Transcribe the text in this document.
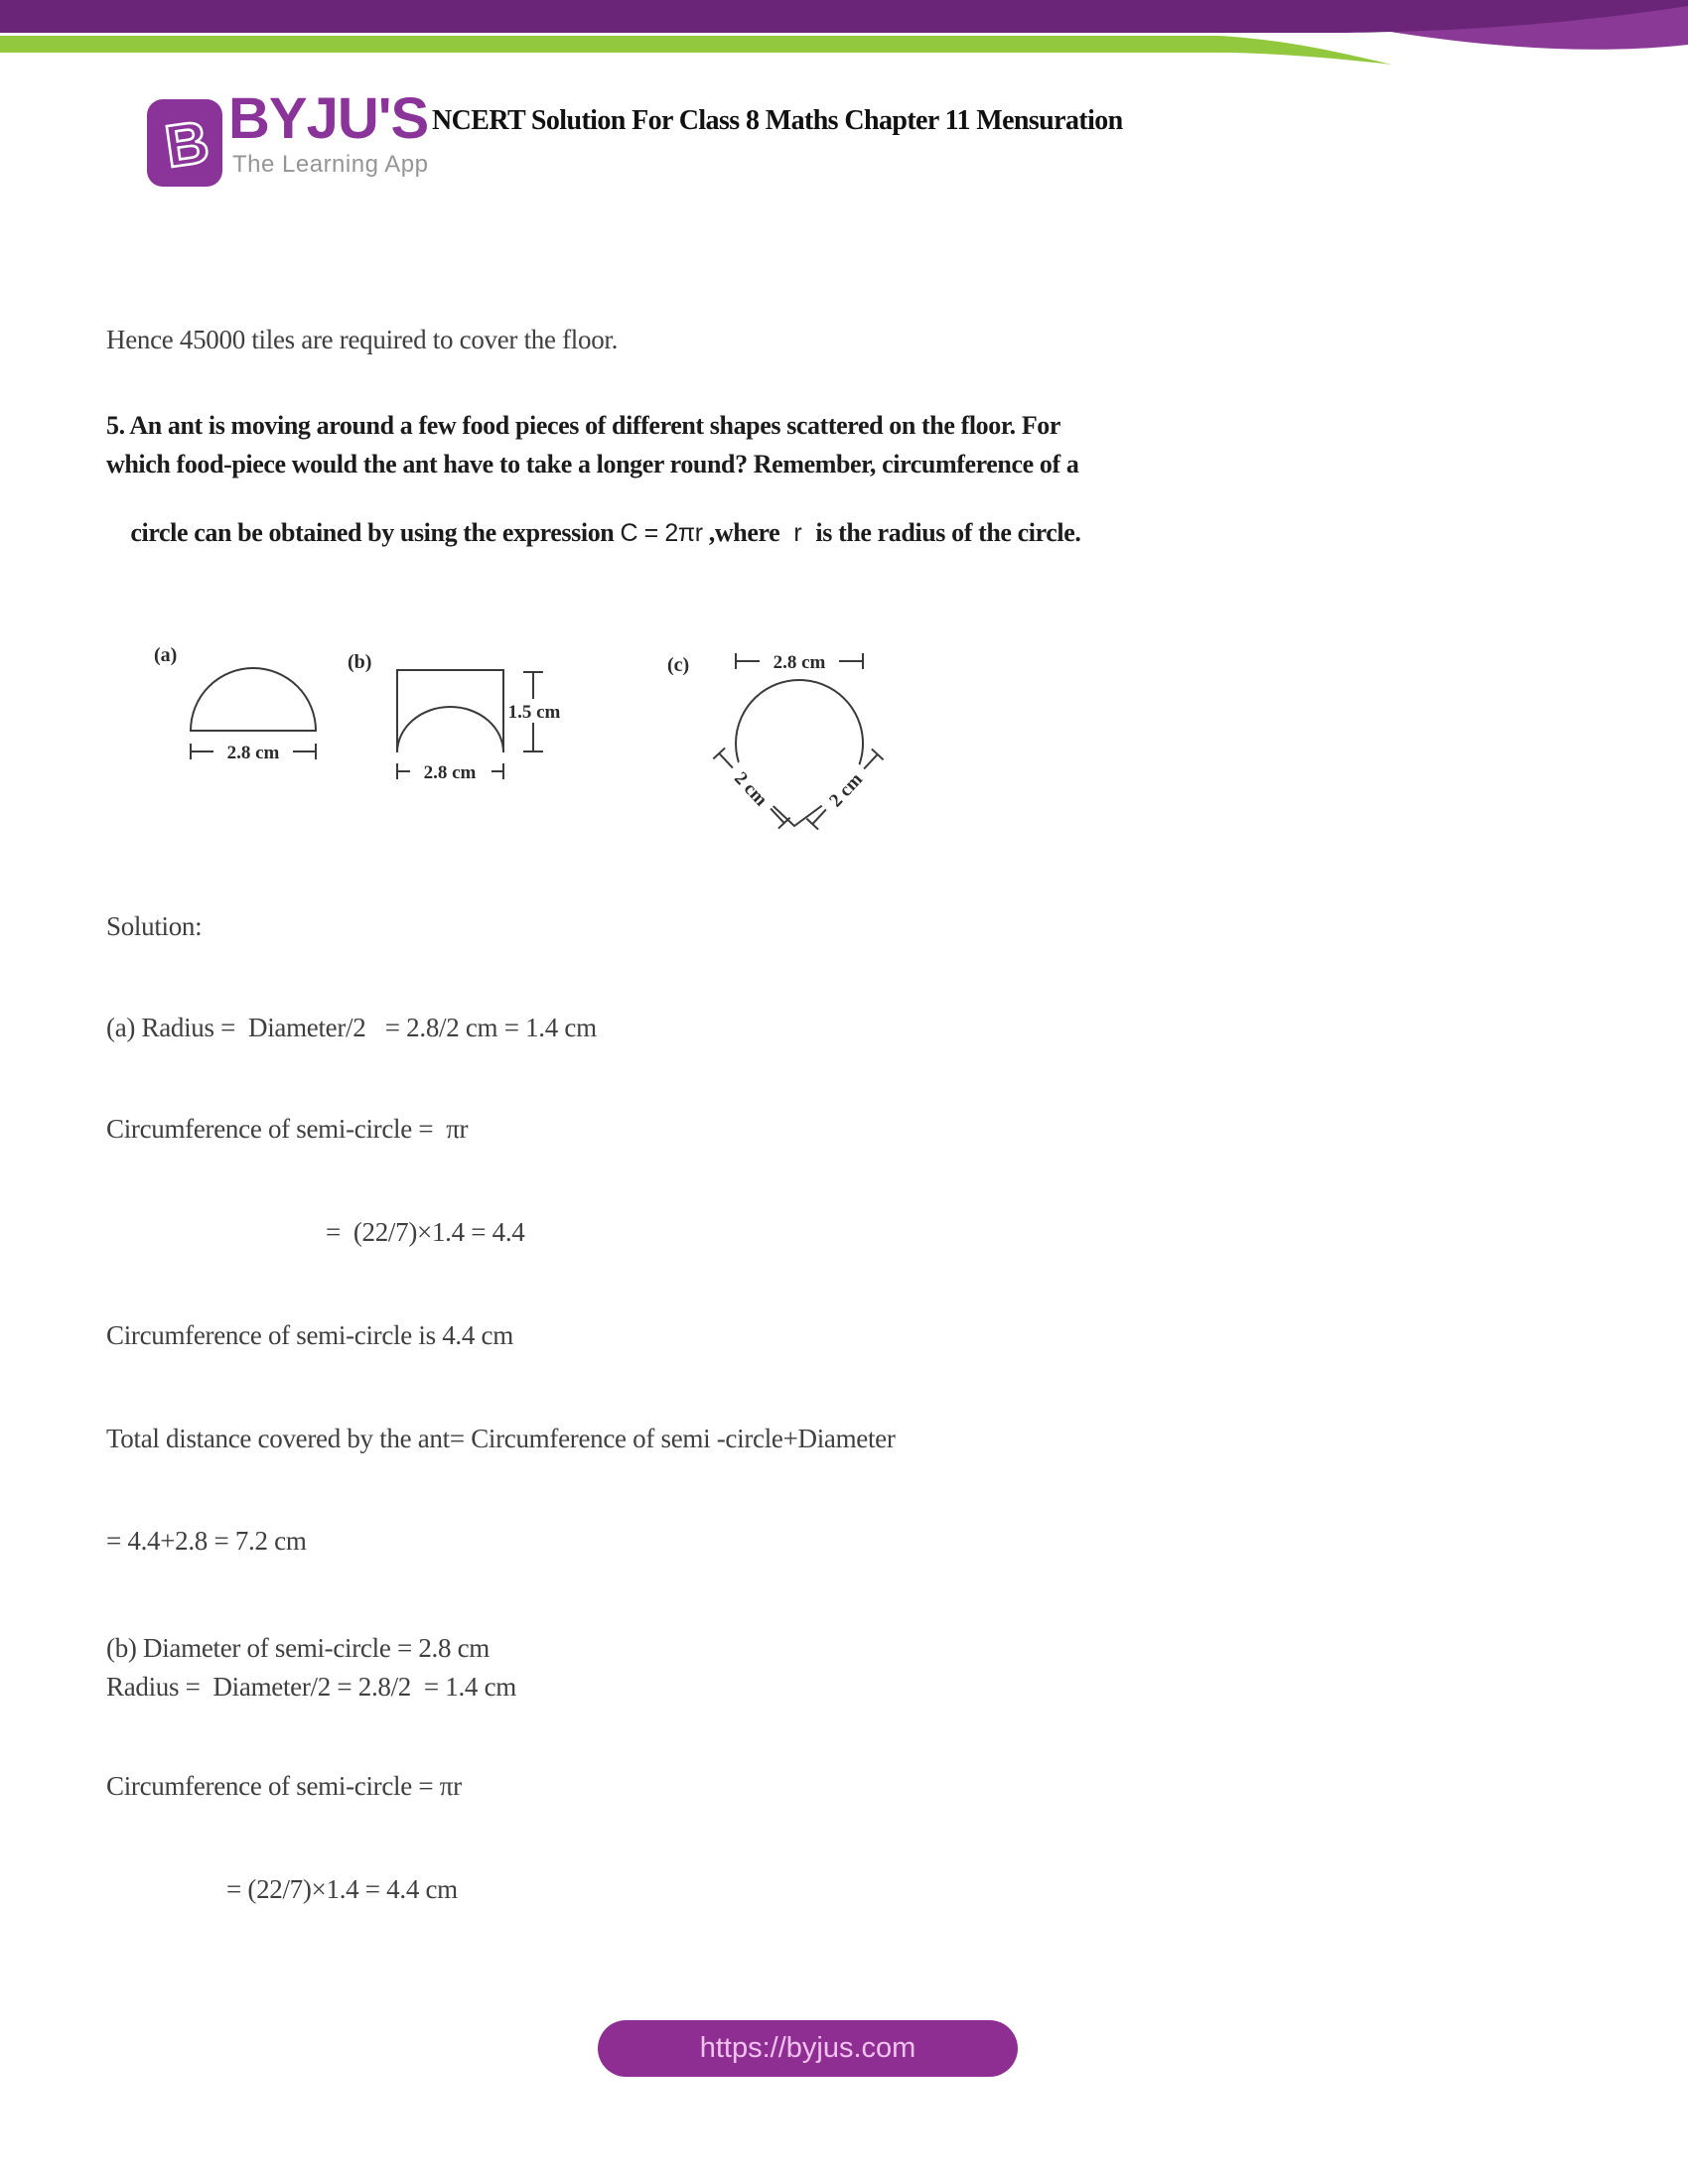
B BYJU'S
The Learning App
NCERT Solution For Class 8 Maths Chapter 11 Mensuration
Hence 45000 tiles are required to cover the floor.
5. An ant is moving around a few food pieces of different shapes scattered on the floor. For
which food-piece would the ant have to take a longer round? Remember, circumference of a

circle can be obtained by using the expression C = 2πr ,where r is the radius of the circle.

(a)
2.8 cm
(b)
2.8 cm
1.5 cm
(c)	2.8 cm
2 cm	2 cm
Solution:
(a) Radius =  Diameter/2   = 2.8/2 cm = 1.4 cm
Circumference of semi-circle =  πr
=  (22/7)×1.4 = 4.4
Circumference of semi-circle is 4.4 cm
Total distance covered by the ant= Circumference of semi -circle+Diameter
= 4.4+2.8 = 7.2 cm
(b) Diameter of semi-circle = 2.8 cm
Radius =  Diameter/2 = 2.8/2  = 1.4 cm
Circumference of semi-circle = πr
= (22/7)×1.4 = 4.4 cm
https://byjus.com
